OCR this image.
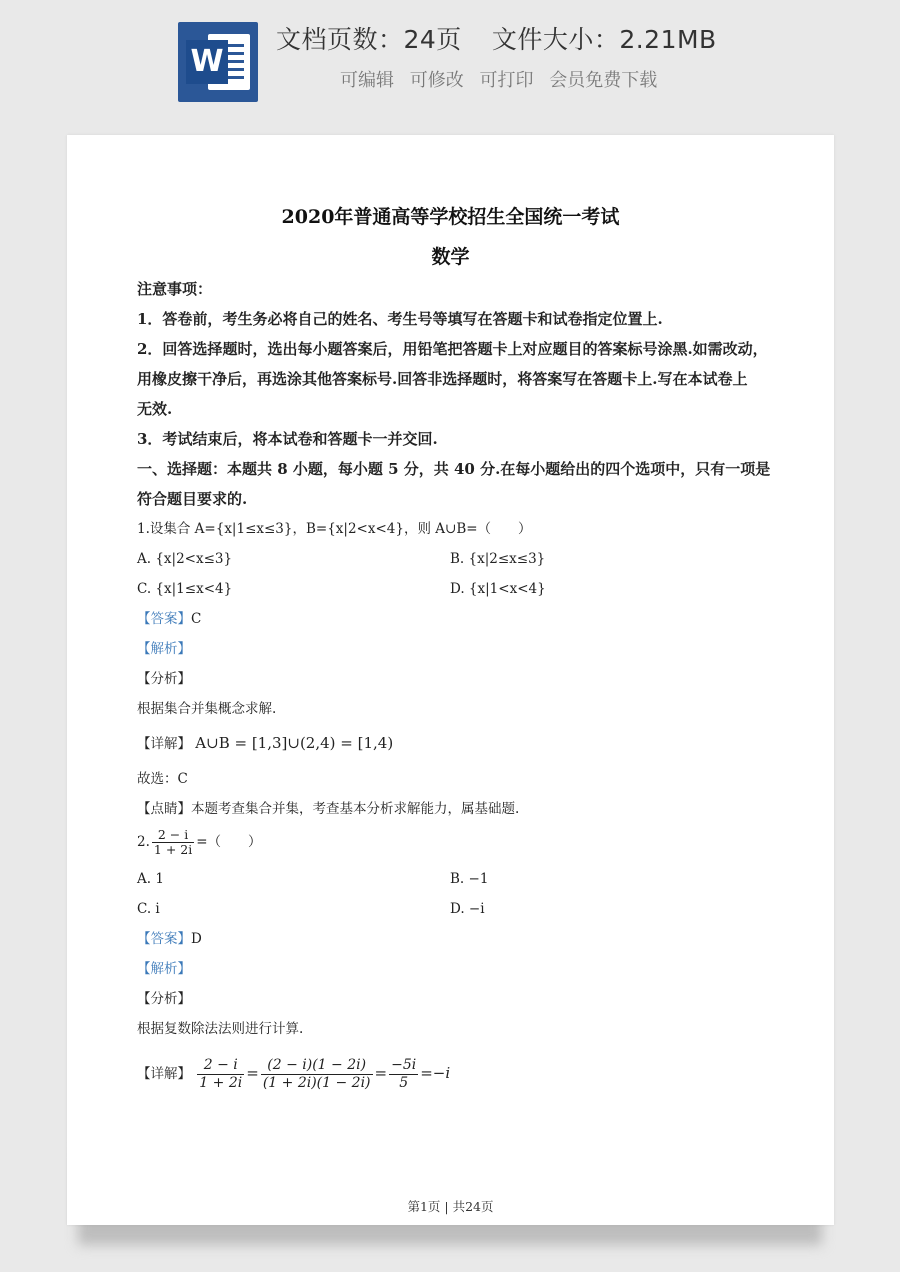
W
文档页数：24页 文件大小：2.21MB
可编辑 可修改 可打印 会员免费下载
2020年普通高等学校招生全国统一考试
数学
注意事项：
1．答卷前，考生务必将自己的姓名、考生号等填写在答题卡和试卷指定位置上.
2．回答选择题时，选出每小题答案后，用铅笔把答题卡上对应题目的答案标号涂黑.如需改动，
用橡皮擦干净后，再选涂其他答案标号.回答非选择题时，将答案写在答题卡上.写在本试卷上
无效.
3．考试结束后，将本试卷和答题卡一并交回.
一、选择题：本题共 8 小题，每小题 5 分，共 40 分.在每小题给出的四个选项中，只有一项是
符合题目要求的.
1.设集合 A={x|1≤x≤3}，B={x|2<x<4}，则 A∪B=（　　）
A. {x|2<x≤3}	B. {x|2≤x≤3}
C. {x|1≤x<4}	D. {x|1<x<4}
【答案】C
【解析】
【分析】
根据集合并集概念求解.
【详解】 A∪B = [1,3]∪(2,4) = [1,4)
故选：C
【点睛】本题考查集合并集，考查基本分析求解能力，属基础题.
2. $\frac{2 - i}{1 + 2i}$ =（　　）
A. 1	B. −1
C. i	D. −i
【答案】D
【解析】
【分析】
根据复数除法法则进行计算.
【详解】 $\frac{2 - i}{1 + 2i} = \frac{(2 - i)(1 - 2i)}{(1 + 2i)(1 - 2i)} = \frac{-5i}{5} =-i$
第1页 | 共24页
